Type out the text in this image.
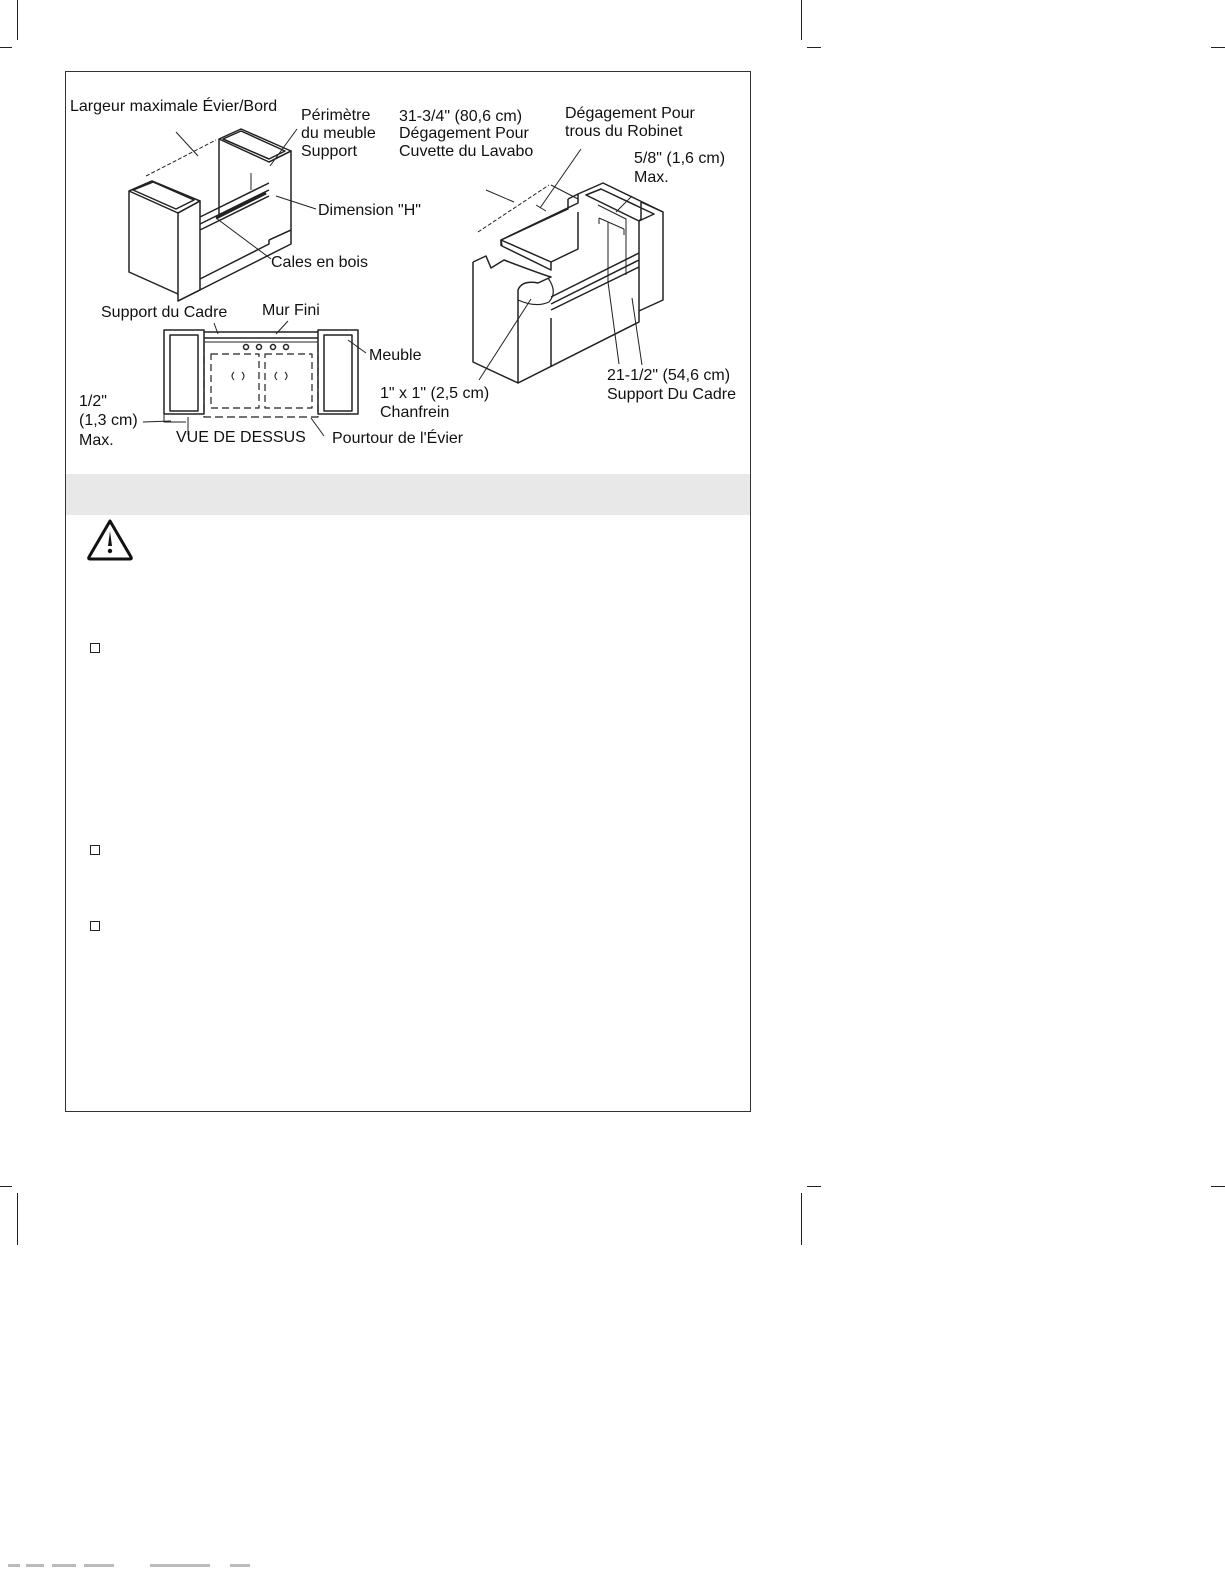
Largeur maximale Évier/Bord
Périmètre
du meuble
Support
Dimension "H"
Cales en bois
Support du Cadre Mur Fini
Meuble
1/2"
(1,3 cm)
Max.	VUE DE DESSUS Pourtour de l'Évier
31-3/4" (80,6 cm)
Dégagement Pour
Cuvette du Lavabo
Dégagement Pour
trous du Robinet
5/8" (1,6 cm)
Max.
1" x 1" (2,5 cm)
Chanfrein
21-1/2" (54,6 cm)
Support Du Cadre
